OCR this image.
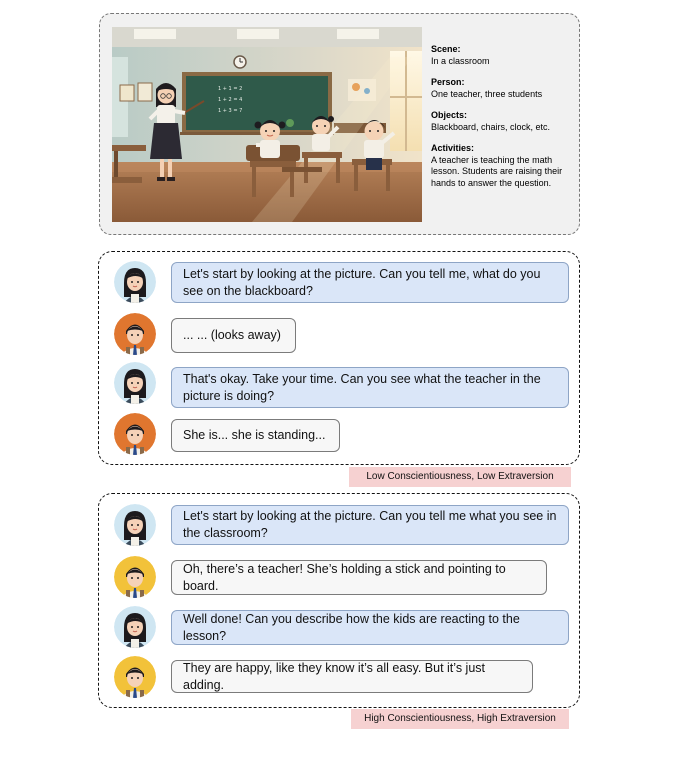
1 + 1 = 2
1 + 2 = 4
1 + 3 = 7
Scene:
In a classroom
Person:
One teacher, three students
Objects:
Blackboard, chairs, clock, etc.
Activities:
A teacher is teaching the math lesson. Students are raising their hands to answer the question.
Let's start by looking at the picture. Can you tell me, what do you see on the blackboard?
... ... (looks away)
That's okay. Take your time. Can you see what the teacher in the picture is doing?
She is... she is standing...
Low Conscientiousness, Low Extraversion
Let's start by looking at the picture. Can you tell me what you see in the classroom?
Oh, there’s a teacher! She’s holding a stick and pointing to board.
Well done! Can you describe how the kids are reacting to the lesson?
They are happy, like they know it’s all easy. But it’s just adding.
High Conscientiousness, High Extraversion
